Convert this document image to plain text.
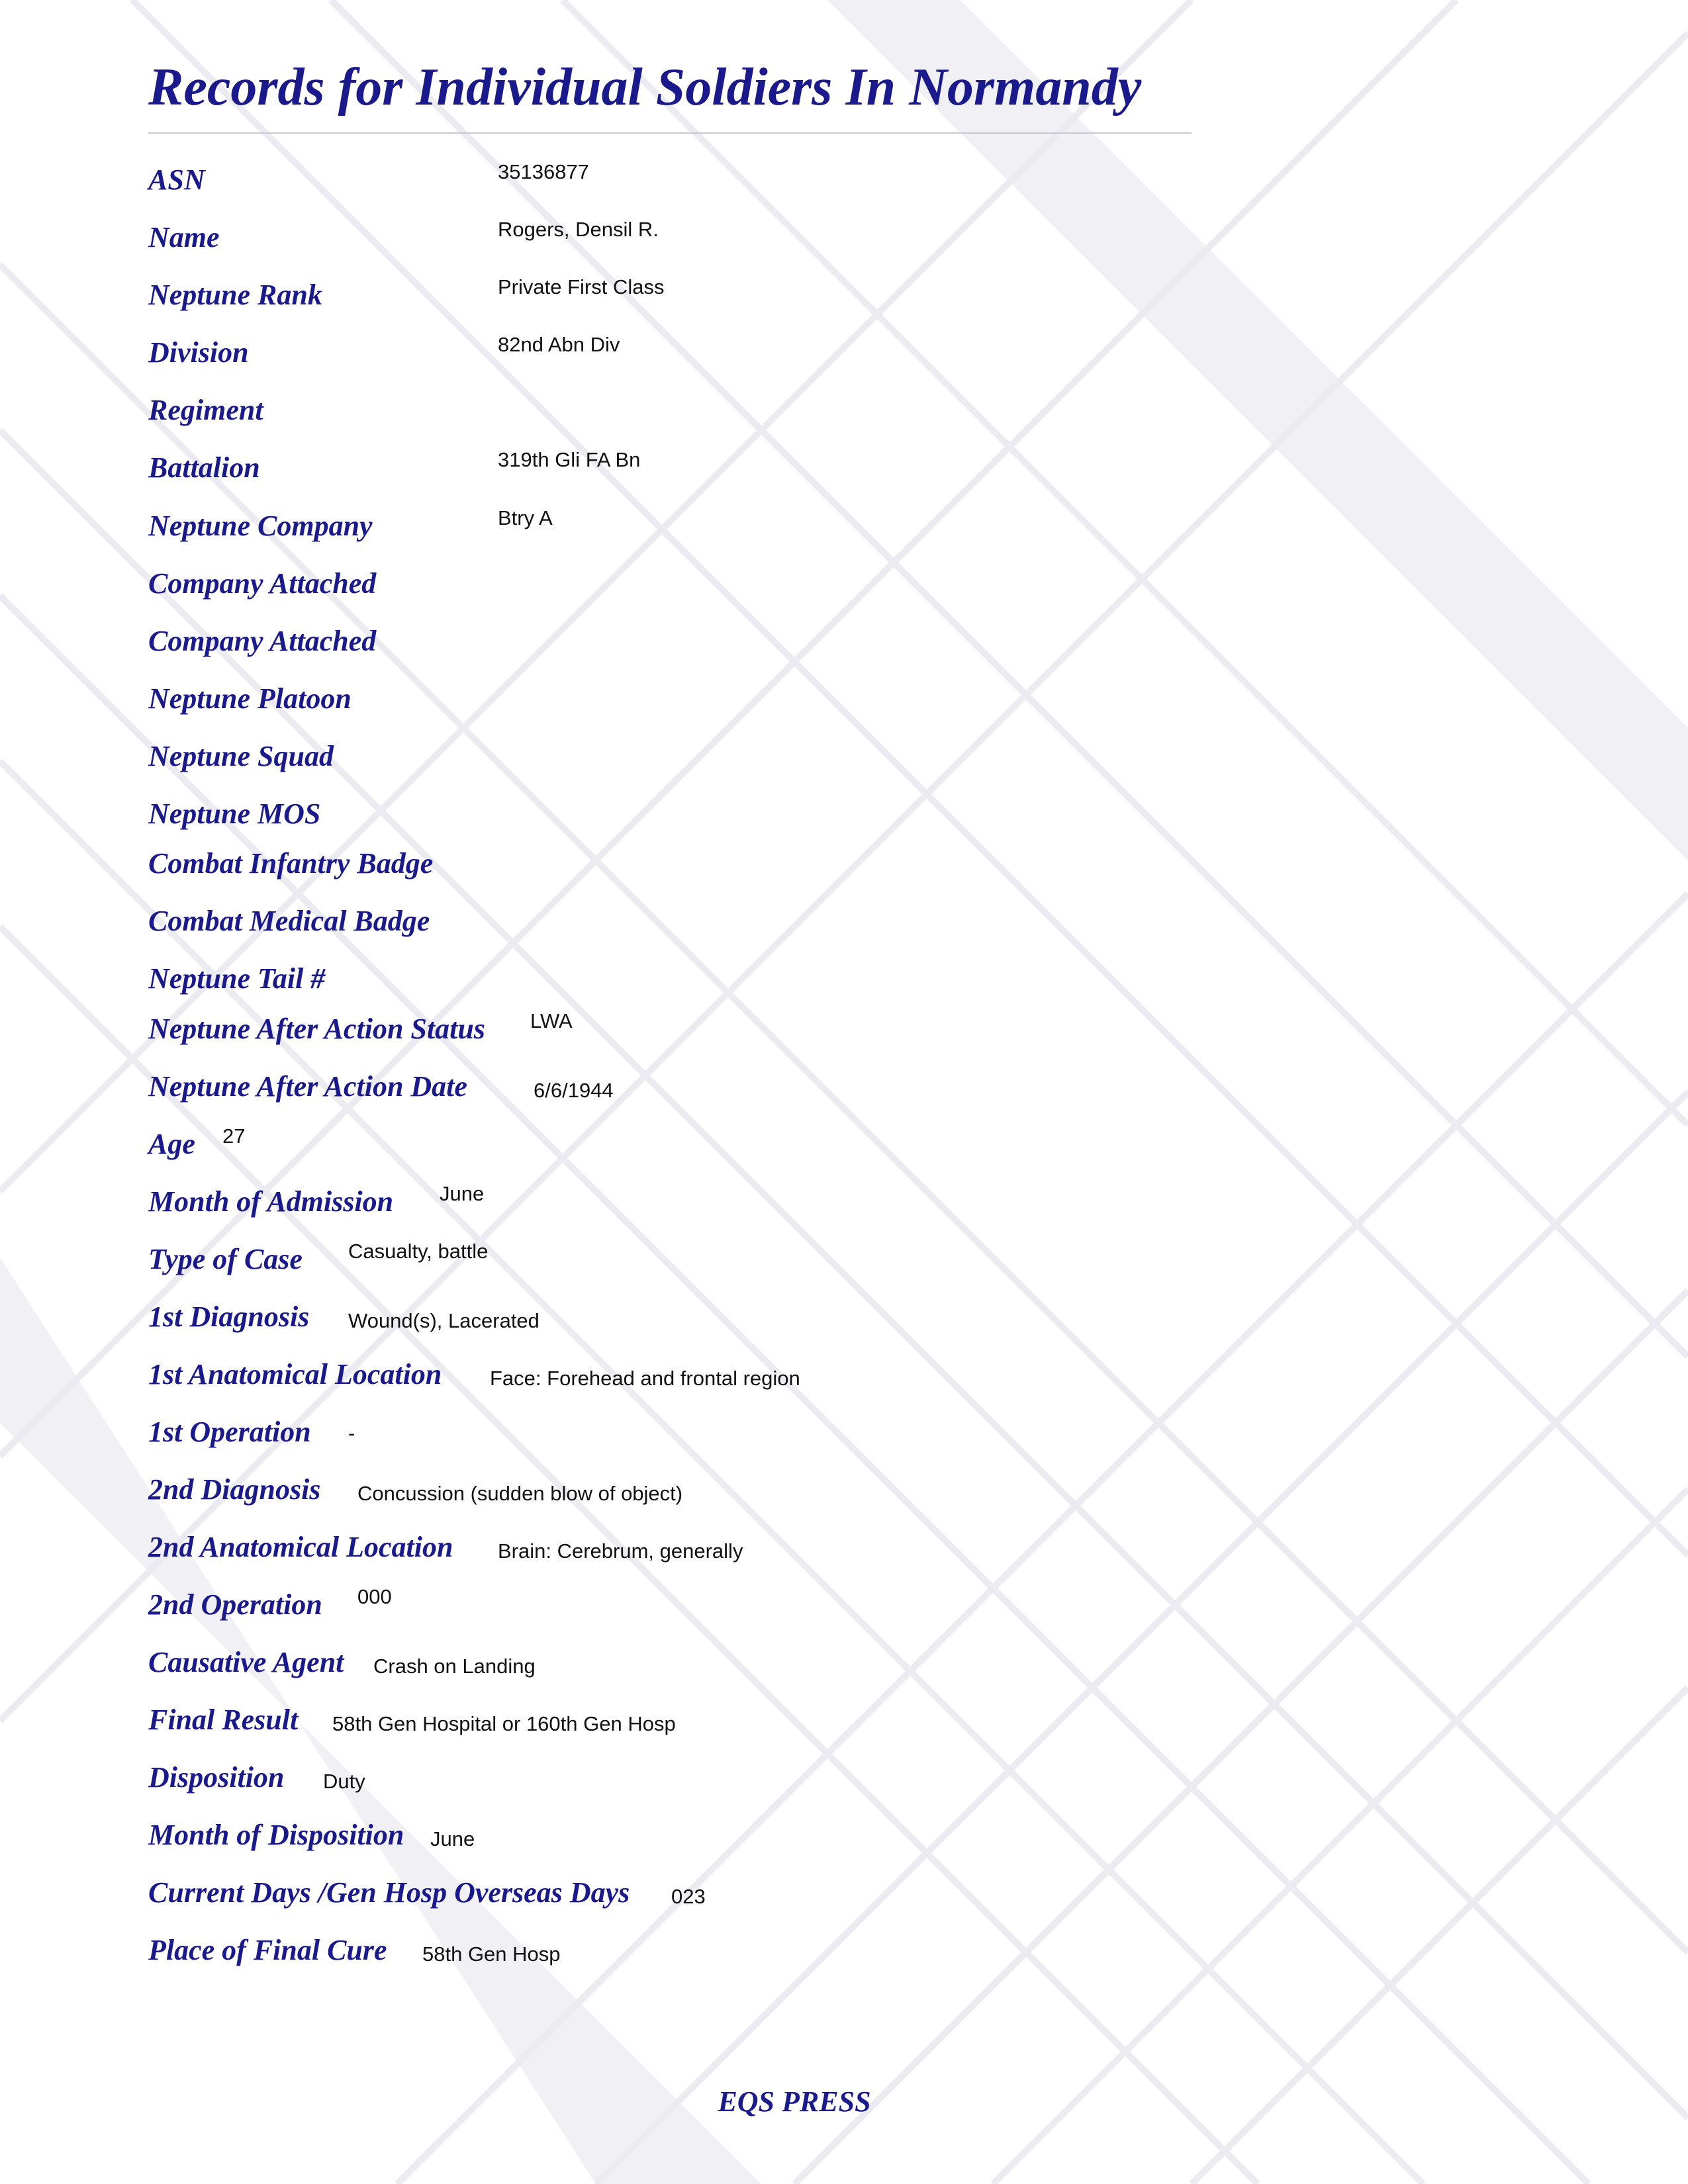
Records for Individual Soldiers In Normandy
ASN	35136877
Name	Rogers, Densil R.
Neptune Rank	Private First Class
Division	82nd Abn Div
Regiment
Battalion	319th Gli FA Bn
Neptune Company	Btry A
Company Attached
Company Attached
Neptune Platoon
Neptune Squad
Neptune MOS
Combat Infantry Badge
Combat Medical Badge
Neptune Tail #
Neptune After Action Status LWA
Neptune After Action Date	6/6/1944
Age 27
Month of Admission June
Type of Case Casualty, battle
1st Diagnosis Wound(s), Lacerated
1st Anatomical Location Face: Forehead and frontal region
1st Operation -
2nd Diagnosis Concussion (sudden blow of object)
2nd Anatomical Location Brain: Cerebrum, generally
2nd Operation 000
Causative Agent Crash on Landing
Final Result 58th Gen Hospital or 160th Gen Hosp
Disposition Duty
Month of Disposition June
Current Days /Gen Hosp Overseas Days 023
Place of Final Cure 58th Gen Hosp
EQS PRESS
